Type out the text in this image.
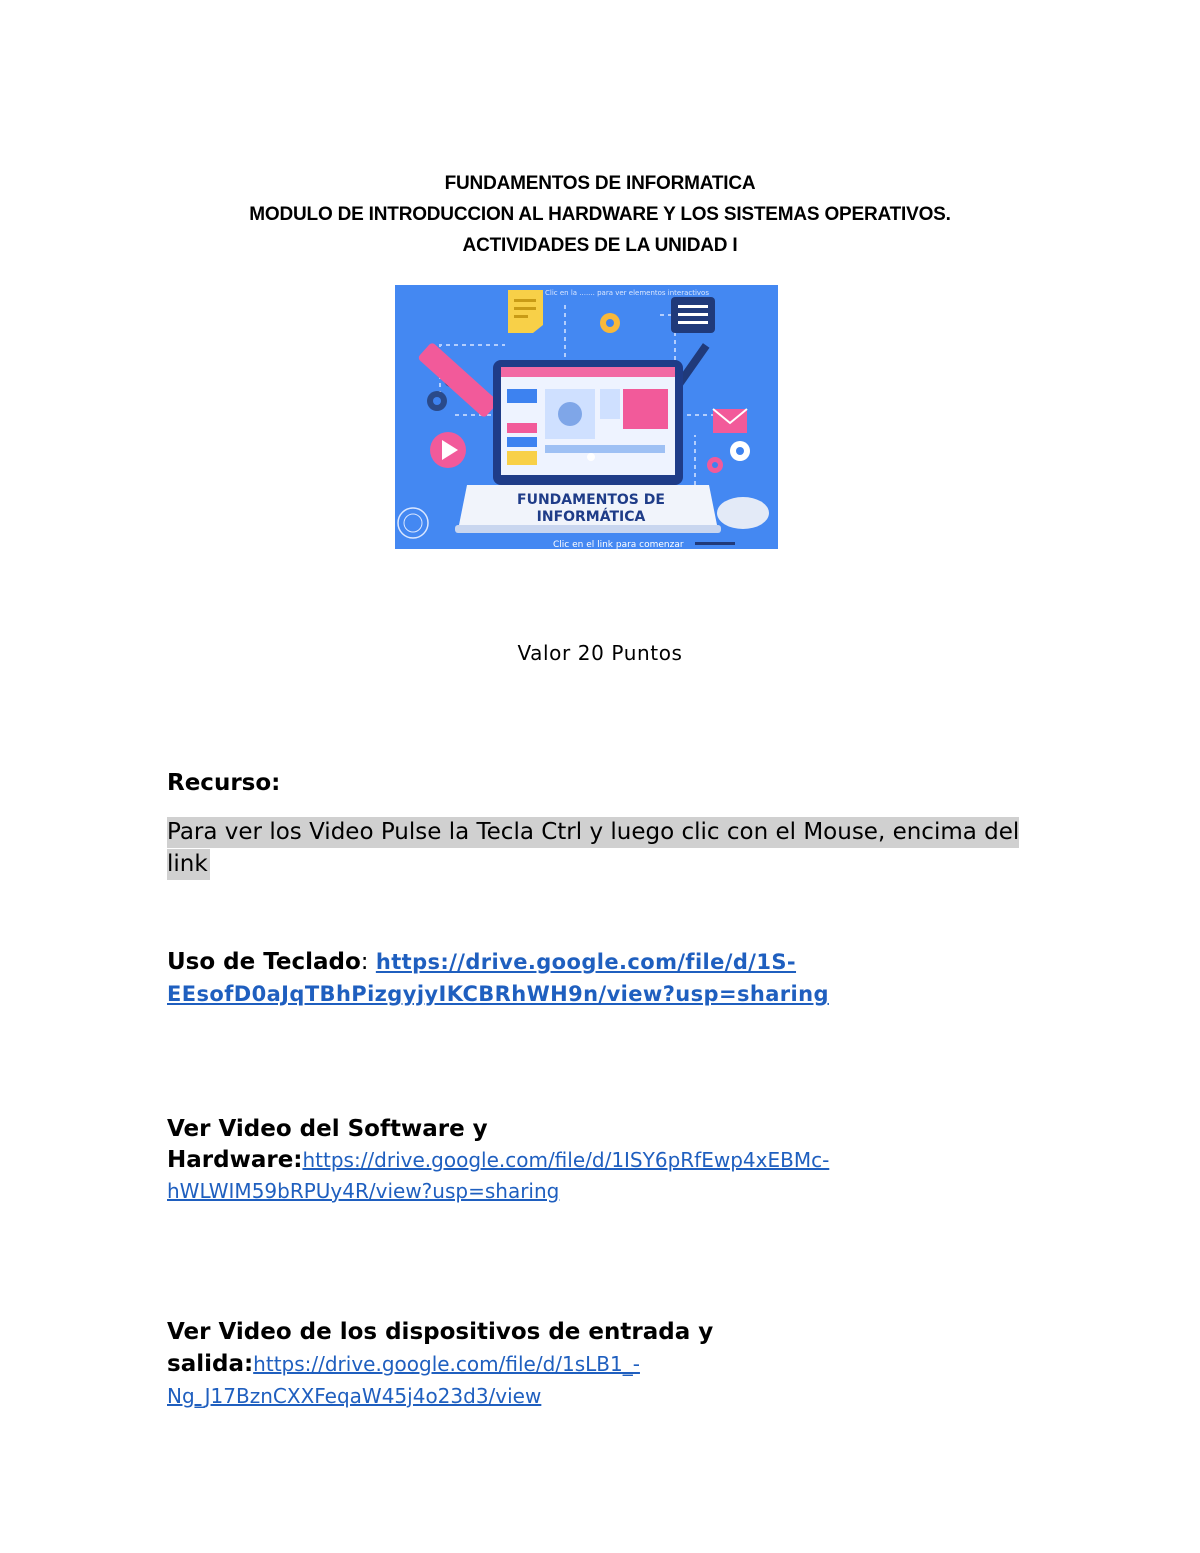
FUNDAMENTOS DE INFORMATICA
MODULO DE INTRODUCCION AL HARDWARE Y LOS SISTEMAS OPERATIVOS.
ACTIVIDADES DE LA UNIDAD I
Clic en la ....... para ver elementos interactivos
FUNDAMENTOS DE
INFORMÁTICA
Clic en el link para comenzar
Valor 20 Puntos
Recurso:
Para ver los Video Pulse la Tecla Ctrl y luego clic con el Mouse, encima del link
Uso de Teclado: https://drive.google.com/file/d/1S-
EEsofD0aJqTBhPizgyjyIKCBRhWH9n/view?usp=sharing
Ver Video del Software y
Hardware:https://drive.google.com/file/d/1ISY6pRfEwp4xEBMc-
hWLWIM59bRPUy4R/view?usp=sharing
Ver Video de los dispositivos de entrada y
salida:https://drive.google.com/file/d/1sLB1_-
Ng_J17BznCXXFeqaW45j4o23d3/view
